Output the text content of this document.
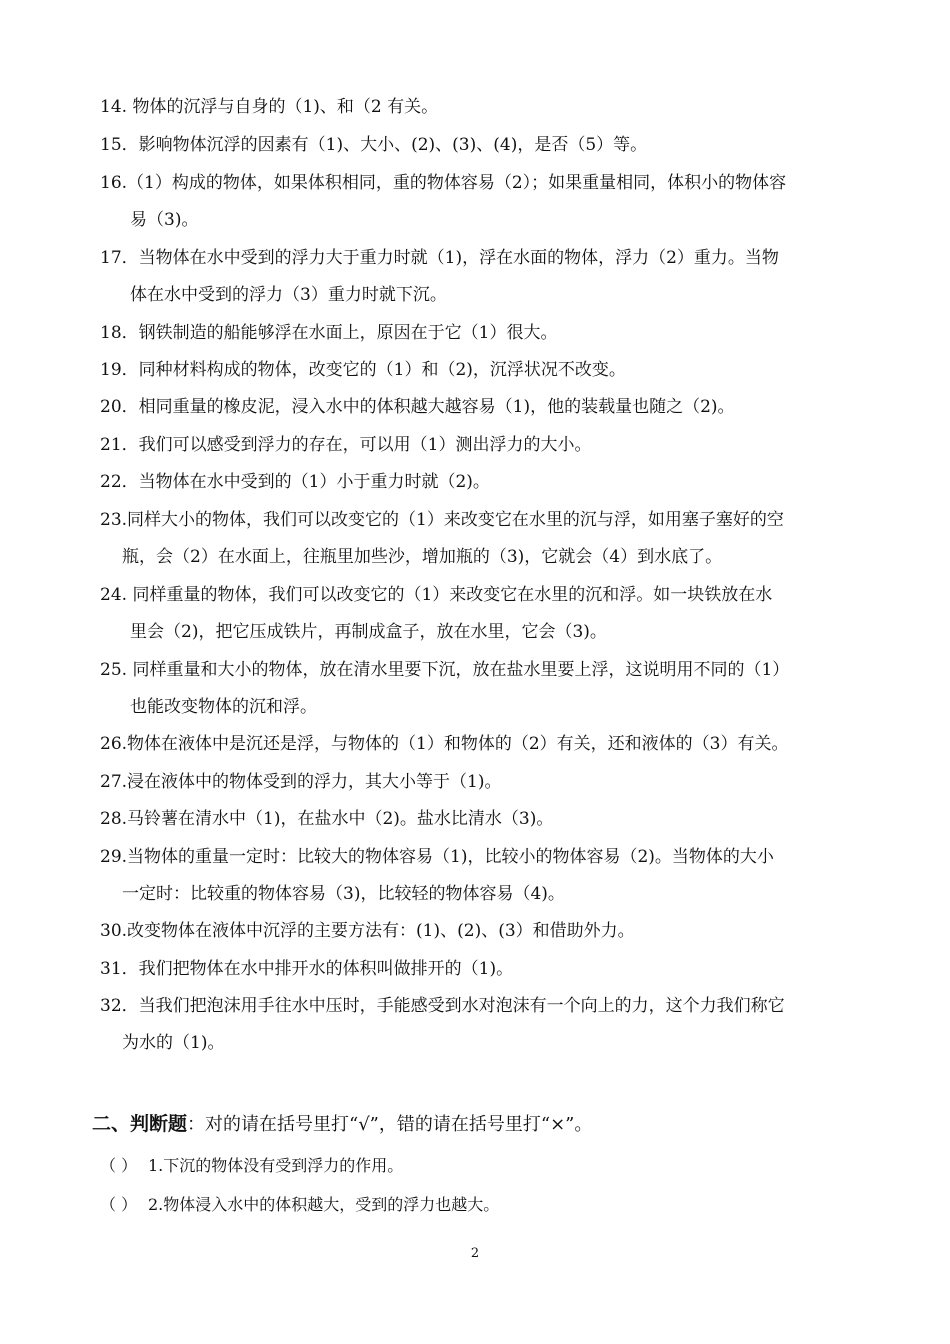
14. 物体的沉浮与自身的（1)、和（2 有关。
15．影响物体沉浮的因素有（1)、大小、(2)、(3)、(4)，是否（5）等。
16.（1）构成的物体，如果体积相同，重的物体容易（2）；如果重量相同，体积小的物体容
易（3)。
17．当物体在水中受到的浮力大于重力时就（1)，浮在水面的物体，浮力（2）重力。当物
体在水中受到的浮力（3）重力时就下沉。
18．钢铁制造的船能够浮在水面上，原因在于它（1）很大。
19．同种材料构成的物体，改变它的（1）和（2)，沉浮状况不改变。
20．相同重量的橡皮泥，浸入水中的体积越大越容易（1)，他的装载量也随之（2)。
21．我们可以感受到浮力的存在，可以用（1）测出浮力的大小。
22．当物体在水中受到的（1）小于重力时就（2)。
23.同样大小的物体，我们可以改变它的（1）来改变它在水里的沉与浮，如用塞子塞好的空
瓶，会（2）在水面上，往瓶里加些沙，增加瓶的（3)，它就会（4）到水底了。
24. 同样重量的物体，我们可以改变它的（1）来改变它在水里的沉和浮。如一块铁放在水
里会（2)，把它压成铁片，再制成盒子，放在水里，它会（3)。
25. 同样重量和大小的物体，放在清水里要下沉，放在盐水里要上浮，这说明用不同的（1）
也能改变物体的沉和浮。
26.物体在液体中是沉还是浮，与物体的（1）和物体的（2）有关，还和液体的（3）有关。
27.浸在液体中的物体受到的浮力，其大小等于（1)。
28.马铃薯在清水中（1)，在盐水中（2)。盐水比清水（3)。
29.当物体的重量一定时：比较大的物体容易（1)，比较小的物体容易（2)。当物体的大小
一定时：比较重的物体容易（3)，比较轻的物体容易（4)。
30.改变物体在液体中沉浮的主要方法有：(1)、(2)、(3）和借助外力。
31．我们把物体在水中排开水的体积叫做排开的（1)。
32．当我们把泡沫用手往水中压时，手能感受到水对泡沫有一个向上的力，这个力我们称它
为水的（1)。
二、判断题：对的请在括号里打“√”，错的请在括号里打“×”。
（ ） 1.下沉的物体没有受到浮力的作用。
（ ） 2.物体浸入水中的体积越大，受到的浮力也越大。
2
